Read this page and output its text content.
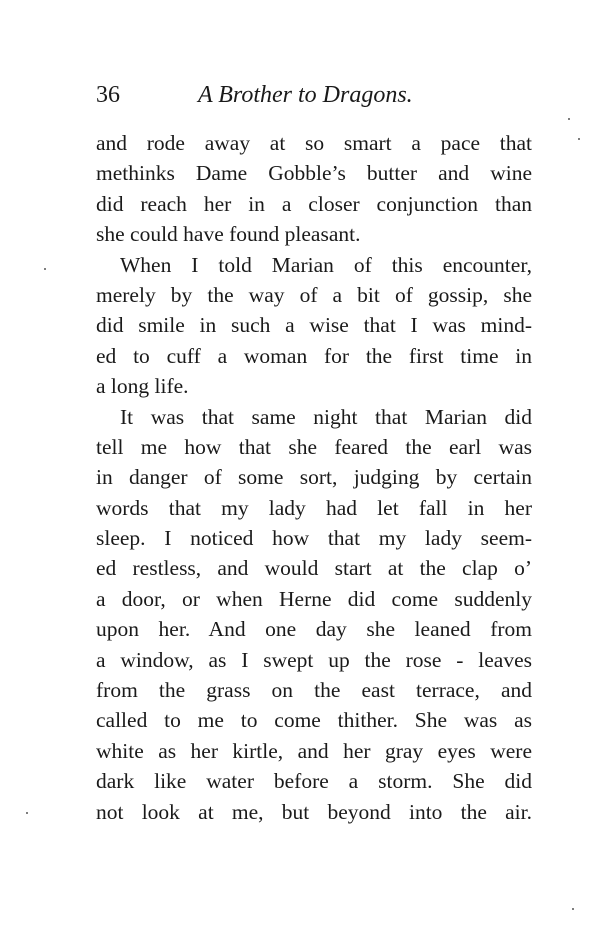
36	A Brother to Dragons.
and rode away at so smart a pace that
methinks Dame Gobble’s butter and wine
did reach her in a closer conjunction than
she could have found pleasant.
When I told Marian of this encounter,
merely by the way of a bit of gossip, she
did smile in such a wise that I was mind-
ed to cuff a woman for the first time in
a long life.
It was that same night that Marian did
tell me how that she feared the earl was
in danger of some sort, judging by certain
words that my lady had let fall in her
sleep. I noticed how that my lady seem-
ed restless, and would start at the clap o’
a door, or when Herne did come suddenly
upon her. And one day she leaned from
a window, as I swept up the rose - leaves
from the grass on the east terrace, and
called to me to come thither. She was as
white as her kirtle, and her gray eyes were
dark like water before a storm. She did
not look at me, but beyond into the air.
